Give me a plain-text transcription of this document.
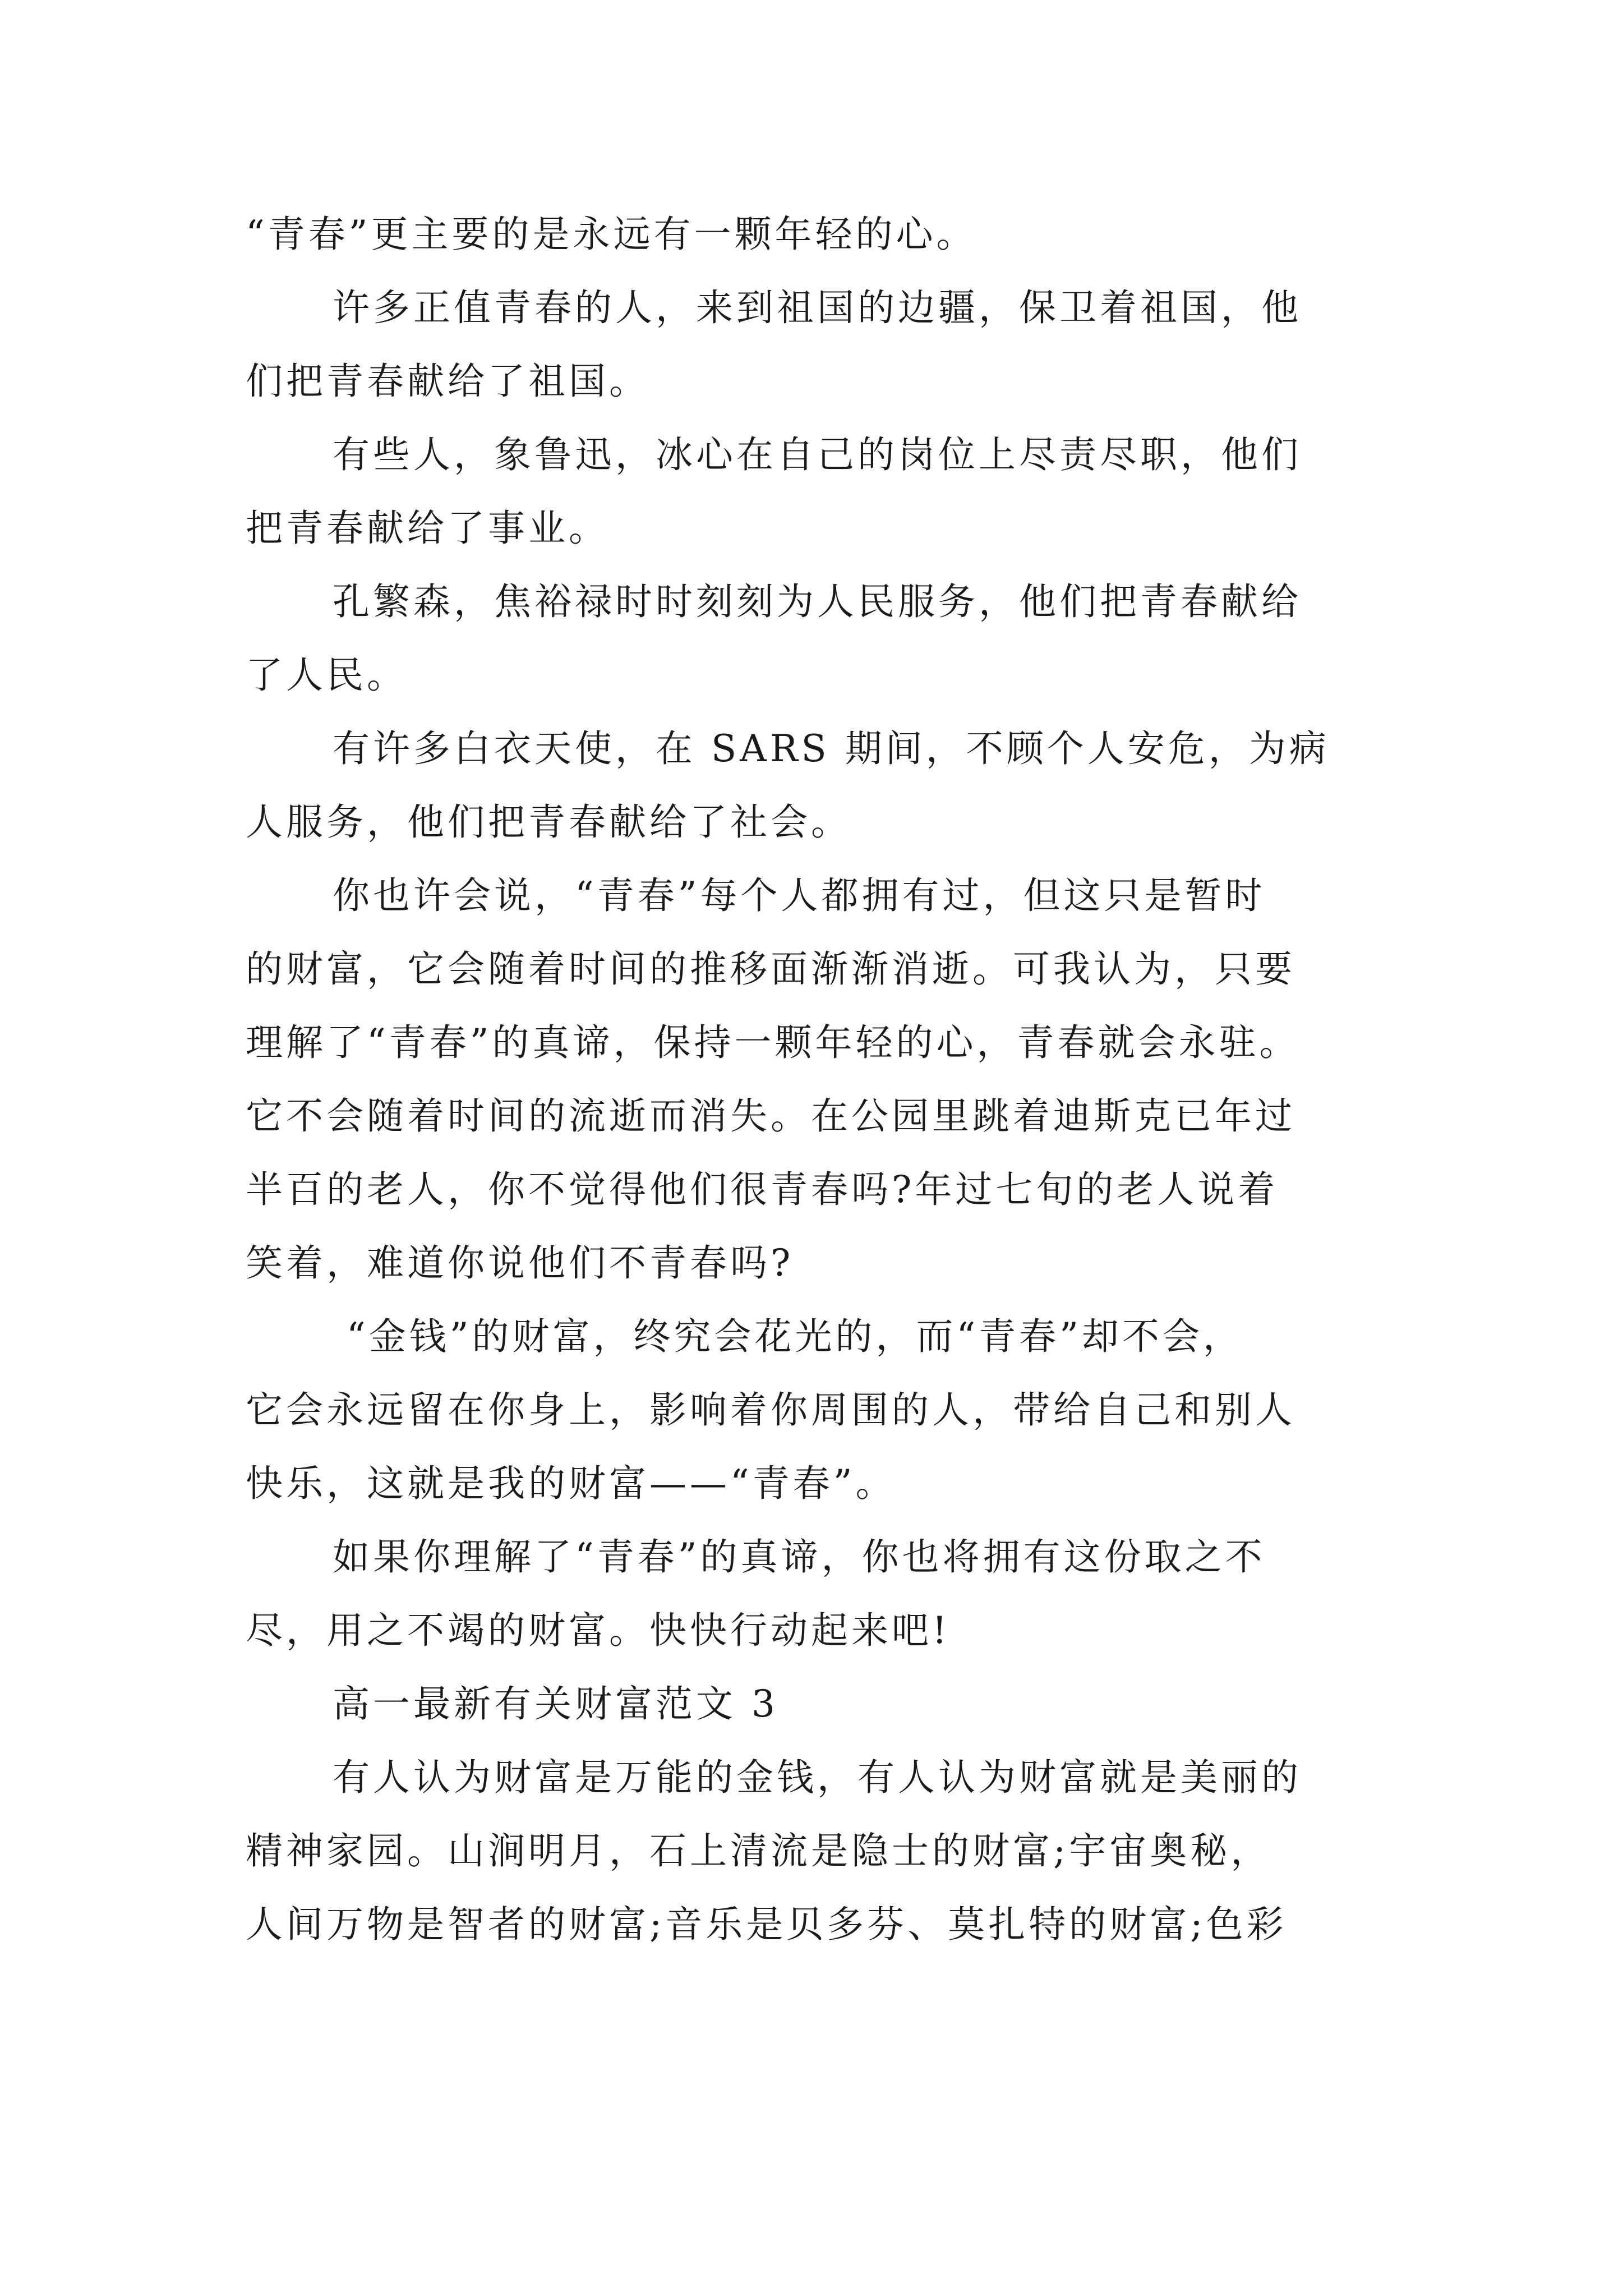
“青春”更主要的是永远有一颗年轻的心。
许多正值青春的人，来到祖国的边疆，保卫着祖国，他
们把青春献给了祖国。
有些人，象鲁迅，冰心在自己的岗位上尽责尽职，他们
把青春献给了事业。
孔繁森，焦裕禄时时刻刻为人民服务，他们把青春献给
了人民。
有许多白衣天使，在 SARS 期间，不顾个人安危，为病
人服务，他们把青春献给了社会。
你也许会说，“青春”每个人都拥有过，但这只是暂时
的财富，它会随着时间的推移面渐渐消逝。可我认为，只要
理解了“青春”的真谛，保持一颗年轻的心，青春就会永驻。
它不会随着时间的流逝而消失。在公园里跳着迪斯克已年过
半百的老人，你不觉得他们很青春吗?年过七旬的老人说着
笑着，难道你说他们不青春吗?
“金钱”的财富，终究会花光的，而“青春”却不会，
它会永远留在你身上，影响着你周围的人，带给自己和别人
快乐，这就是我的财富——“青春”。
如果你理解了“青春”的真谛，你也将拥有这份取之不
尽，用之不竭的财富。快快行动起来吧!
高一最新有关财富范文 3
有人认为财富是万能的金钱，有人认为财富就是美丽的
精神家园。山涧明月，石上清流是隐士的财富;宇宙奥秘，
人间万物是智者的财富;音乐是贝多芬、莫扎特的财富;色彩
